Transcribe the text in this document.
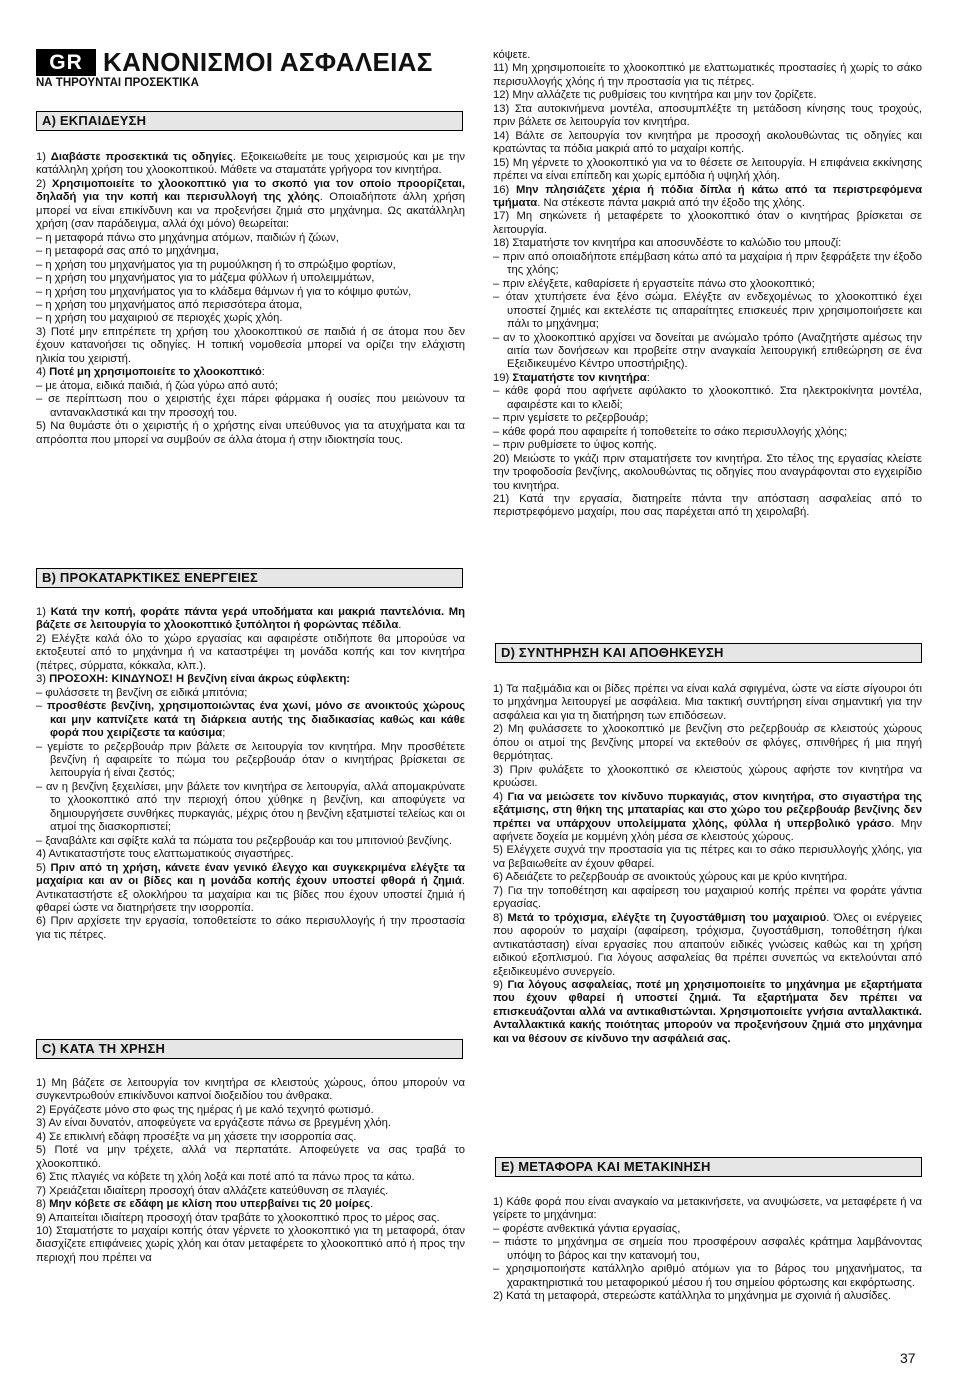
GR ΚΑΝΟΝΙΣΜΟΙ ΑΣΦΑΛΕΙΑΣ
ΝΑ ΤΗΡΟΥΝΤΑΙ ΠΡΟΣΕΚΤΙΚΑ
A) ΕΚΠΑΙΔΕΥΣΗ

1) Διαβάστε προσεκτικά τις οδηγίες. Εξοικειωθείτε με τους χειρισμούς και με την κατάλληλη χρήση του χλοοκοπτικού. Μάθετε να σταματάτε γρήγορα τον κινητήρα.

2) Χρησιμοποιείτε το χλοοκοπτικό για το σκοπό για τον οποίο προορίζεται, δηλαδή για την κοπή και περισυλλογή της χλόης. Οποιαδήποτε άλλη χρήση μπορεί να είναι επικίνδυνη και να προξενήσει ζημιά στο μηχάνημα. Ως ακατάλληλη χρήση (σαν παράδειγμα, αλλά όχι μόνο) θεωρείται:

– η μεταφορά πάνω στο μηχάνημα ατόμων, παιδιών ή ζώων,

– η μεταφορά σας από το μηχάνημα,

– η χρήση του μηχανήματος για τη ρυμούλκηση ή το σπρώξιμο φορτίων,

– η χρήση του μηχανήματος για το μάζεμα φύλλων ή υπολειμμάτων,

– η χρήση του μηχανήματος για το κλάδεμα θάμνων ή για το κόψιμο φυτών,

– η χρήση του μηχανήματος από περισσότερα άτομα,

– η χρήση του μαχαιριού σε περιοχές χωρίς χλόη.

3) Ποτέ μην επιτρέπετε τη χρήση του χλοοκοπτικού σε παιδιά ή σε άτομα που δεν έχουν κατανοήσει τις οδηγίες. Η τοπική νομοθεσία μπορεί να ορίζει την ελάχιστη ηλικία του χειριστή.

4) Ποτέ μη χρησιμοποιείτε το χλοοκοπτικό:

– με άτομα, ειδικά παιδιά, ή ζώα γύρω από αυτό;

– σε περίπτωση που ο χειριστής έχει πάρει φάρμακα ή ουσίες που μειώνουν τα αντανακλαστικά και την προσοχή του.

5) Να θυμάστε ότι ο χειριστής ή ο χρήστης είναι υπεύθυνος για τα ατυχήματα και τα απρόοπτα που μπορεί να συμβούν σε άλλα άτομα ή στην ιδιοκτησία τους.

B) ΠΡΟΚΑΤΑΡΚΤΙΚΕΣ ΕΝΕΡΓΕΙΕΣ

1) Κατά την κοπή, φοράτε πάντα γερά υποδήματα και μακριά παντελόνια. Μη βάζετε σε λειτουργία το χλοοκοπτικό ξυπόλητοι ή φορώντας πέδιλα.

2) Ελέγξτε καλά όλο το χώρο εργασίας και αφαιρέστε οτιδήποτε θα μπορούσε να εκτοξευτεί από το μηχάνημα ή να καταστρέψει τη μονάδα κοπής και τον κινητήρα (πέτρες, σύρματα, κόκκαλα, κλπ.).

3) ΠΡΟΣΟΧΗ: ΚΙΝΔΥΝΟΣ! Η βενζίνη είναι άκρως εύφλεκτη:

– φυλάσσετε τη βενζίνη σε ειδικά μπιτόνια;

– προσθέστε βενζίνη, χρησιμοποιώντας ένα χωνί, μόνο σε ανοικτούς χώρους και μην καπνίζετε κατά τη διάρκεια αυτής της διαδικασίας καθώς και κάθε φορά που χειρίζεστε τα καύσιμα;

– γεμίστε το ρεζερβουάρ πριν βάλετε σε λειτουργία τον κινητήρα. Μην προσθέτετε βενζίνη ή αφαιρείτε το πώμα του ρεζερβουάρ όταν ο κινητήρας βρίσκεται σε λειτουργία ή είναι ζεστός;

– αν η βενζίνη ξεχειλίσει, μην βάλετε τον κινητήρα σε λειτουργία, αλλά απομακρύνατε το χλοοκοπτικό από την περιοχή όπου χύθηκε η βενζίνη, και αποφύγετε να δημιουργήσετε συνθήκες πυρκαγιάς, μέχρις ότου η βενζίνη εξατμιστεί τελείως και οι ατμοί της διασκορπιστεί;

– ξαναβάλτε και σφίξτε καλά τα πώματα του ρεζερβουάρ και του μπιτονιού βενζίνης.

4) Αντικαταστήστε τους ελαττωματικούς σιγαστήρες.

5) Πριν από τη χρήση, κάνετε έναν γενικό έλεγχο και συγκεκριμένα ελέγξτε τα μαχαίρια και αν οι βίδες και η μονάδα κοπής έχουν υποστεί φθορά ή ζημιά. Αντικαταστήστε εξ ολοκλήρου τα μαχαίρια και τις βίδες που έχουν υποστεί ζημιά ή φθαρεί ώστε να διατηρήσετε την ισορροπία.

6) Πριν αρχίσετε την εργασία, τοποθετείστε το σάκο περισυλλογής ή την προστασία για τις πέτρες.

C) ΚΑΤΑ ΤΗ ΧΡΗΣΗ

1) Μη βάζετε σε λειτουργία τον κινητήρα σε κλειστούς χώρους, όπου μπορούν να συγκεντρωθούν επικίνδυνοι καπνοί διοξειδίου του άνθρακα.

2) Εργάζεστε μόνο στο φως της ημέρας ή με καλό τεχνητό φωτισμό.

3) Αν είναι δυνατόν, αποφεύγετε να εργάζεστε πάνω σε βρεγμένη χλόη.

4) Σε επικλινή εδάφη προσέξτε να μη χάσετε την ισορροπία σας.

5) Ποτέ να μην τρέχετε, αλλά να περπατάτε. Αποφεύγετε να σας τραβά το χλοοκοπτικό.

6) Στις πλαγιές να κόβετε τη χλόη λοξά και ποτέ από τα πάνω προς τα κάτω.

7) Χρειάζεται ιδιαίτερη προσοχή όταν αλλάζετε κατεύθυνση σε πλαγιές.

8) Μην κόβετε σε εδάφη με κλίση που υπερβαίνει τις 20 μοίρες.

9) Απαιτείται ιδιαίτερη προσοχή όταν τραβάτε το χλοοκοπτικό προς το μέρος σας.

10) Σταματήστε το μαχαίρι κοπής όταν γέρνετε το χλοοκοπτικό για τη μεταφορά, όταν διασχίζετε επιφάνειες χωρίς χλόη και όταν μεταφέρετε το χλοοκοπτικό από ή προς την περιοχή που πρέπει να

κόψετε.

11) Μη χρησιμοποιείτε το χλοοκοπτικό με ελαττωματικές προστασίες ή χωρίς το σάκο περισυλλογής χλόης ή την προστασία για τις πέτρες.

12) Μην αλλάζετε τις ρυθμίσεις του κινητήρα και μην τον ζορίζετε.

13) Στα αυτοκινήμενα μοντέλα, αποσυμπλέξτε τη μετάδοση κίνησης τους τροχούς, πριν βάλετε σε λειτουργία τον κινητήρα.

14) Βάλτε σε λειτουργία τον κινητήρα με προσοχή ακολουθώντας τις οδηγίες και κρατώντας τα πόδια μακριά από το μαχαίρι κοπής.

15) Μη γέρνετε το χλοοκοπτικό για να το θέσετε σε λειτουργία. Η επιφάνεια εκκίνησης πρέπει να είναι επίπεδη και χωρίς εμπόδια ή υψηλή χλόη.

16) Μην πλησιάζετε χέρια ή πόδια δίπλα ή κάτω από τα περιστρεφόμενα τμήματα. Να στέκεστε πάντα μακριά από την έξοδο της χλόης.

17) Μη σηκώνετε ή μεταφέρετε το χλοοκοπτικό όταν ο κινητήρας βρίσκεται σε λειτουργία.

18) Σταματήστε τον κινητήρα και αποσυνδέστε το καλώδιο του μπουζί:

– πριν από οποιαδήποτε επέμβαση κάτω από τα μαχαίρια ή πριν ξεφράξετε την έξοδο της χλόης;

– πριν ελέγξετε, καθαρίσετε ή εργαστείτε πάνω στο χλοοκοπτικό;

– όταν χτυπήσετε ένα ξένο σώμα. Ελέγξτε αν ενδεχομένως το χλοοκοπτικό έχει υποστεί ζημιές και εκτελέστε τις απαραίτητες επισκευές πριν χρησιμοποιήσετε και πάλι το μηχάνημα;

– αν το χλοοκοπτικό αρχίσει να δονείται με ανώμαλο τρόπο (Αναζητήστε αμέσως την αιτία των δονήσεων και προβείτε στην αναγκαία λειτουργική επιθεώρηση σε ένα Εξειδικευμένο Κέντρο υποστήριξης).

19) Σταματήστε τον κινητήρα:

– κάθε φορά που αφήνετε αφύλακτο το χλοοκοπτικό. Στα ηλεκτροκίνητα μοντέλα, αφαιρέστε και το κλειδί;

– πριν γεμίσετε το ρεζερβουάρ;

– κάθε φορά που αφαιρείτε ή τοποθετείτε το σάκο περισυλλογής χλόης;

– πριν ρυθμίσετε το ύψος κοπής.

20) Μειώστε το γκάζι πριν σταματήσετε τον κινητήρα. Στο τέλος της εργασίας κλείστε την τροφοδοσία βενζίνης, ακολουθώντας τις οδηγίες που αναγράφονται στο εγχειρίδιο του κινητήρα.

21) Κατά την εργασία, διατηρείτε πάντα την απόσταση ασφαλείας από το περιστρεφόμενο μαχαίρι, που σας παρέχεται από τη χειρολαβή.

D) ΣΥΝΤΗΡΗΣΗ ΚΑΙ ΑΠΟΘΗΚΕΥΣΗ

1) Τα παξιμάδια και οι βίδες πρέπει να είναι καλά σφιγμένα, ώστε να είστε σίγουροι ότι το μηχάνημα λειτουργεί με ασφάλεια. Μια τακτική συντήρηση είναι σημαντική για την ασφάλεια και για τη διατήρηση των επιδόσεων.

2) Μη φυλάσσετε το χλοοκοπτικό με βενζίνη στο ρεζερβουάρ σε κλειστούς χώρους όπου οι ατμοί της βενζίνης μπορεί να εκτεθούν σε φλόγες, σπινθήρες ή μια πηγή θερμότητας.

3) Πριν φυλάξετε το χλοοκοπτικό σε κλειστούς χώρους αφήστε τον κινητήρα να κρυώσει.

4) Για να μειώσετε τον κίνδυνο πυρκαγιάς, στον κινητήρα, στο σιγαστήρα της εξάτμισης, στη θήκη της μπαταρίας και στο χώρο του ρεζερβουάρ βενζίνης δεν πρέπει να υπάρχουν υπολείμματα χλόης, φύλλα ή υπερβολικό γράσο. Μην αφήνετε δοχεία με κομμένη χλόη μέσα σε κλειστούς χώρους.

5) Ελέγχετε συχνά την προστασία για τις πέτρες και το σάκο περισυλλογής χλόης, για να βεβαιωθείτε αν έχουν φθαρεί.

6) Αδειάζετε το ρεζερβουάρ σε ανοικτούς χώρους και με κρύο κινητήρα.

7) Για την τοποθέτηση και αφαίρεση του μαχαιριού κοπής πρέπει να φοράτε γάντια εργασίας.

8) Μετά το τρόχισμα, ελέγξτε τη ζυγοστάθμιση του μαχαιριού. Όλες οι ενέργειες που αφορούν το μαχαίρι (αφαίρεση, τρόχισμα, ζυγοστάθμιση, τοποθέτηση ή/και αντικατάσταση) είναι εργασίες που απαιτούν ειδικές γνώσεις καθώς και τη χρήση ειδικού εξοπλισμού. Για λόγους ασφαλείας θα πρέπει συνεπώς να εκτελούνται από εξειδικευμένο συνεργείο.

9) Για λόγους ασφαλείας, ποτέ μη χρησιμοποιείτε το μηχάνημα με εξαρτήματα που έχουν φθαρεί ή υποστεί ζημιά. Τα εξαρτήματα δεν πρέπει να επισκευάζονται αλλά να αντικαθιστώνται. Χρησιμοποιείτε γνήσια ανταλλακτικά. Ανταλλακτικά κακής ποιότητας μπορούν να προξενήσουν ζημιά στο μηχάνημα και να θέσουν σε κίνδυνο την ασφάλειά σας.

E) ΜΕΤΑΦΟΡΑ ΚΑΙ ΜΕΤΑΚΙΝΗΣΗ

1) Κάθε φορά που είναι αναγκαίο να μετακινήσετε, να ανυψώσετε, να μεταφέρετε ή να γείρετε το μηχάνημα:

– φορέστε ανθεκτικά γάντια εργασίας,

– πιάστε το μηχάνημα σε σημεία που προσφέρουν ασφαλές κράτημα λαμβάνοντας υπόψη το βάρος και την κατανομή του,

– χρησιμοποιήστε κατάλληλο αριθμό ατόμων για το βάρος του μηχανήματος, τα χαρακτηριστικά του μεταφορικού μέσου ή του σημείου φόρτωσης και εκφόρτωσης.

2) Κατά τη μεταφορά, στερεώστε κατάλληλα το μηχάνημα με σχοινιά ή αλυσίδες.

37
